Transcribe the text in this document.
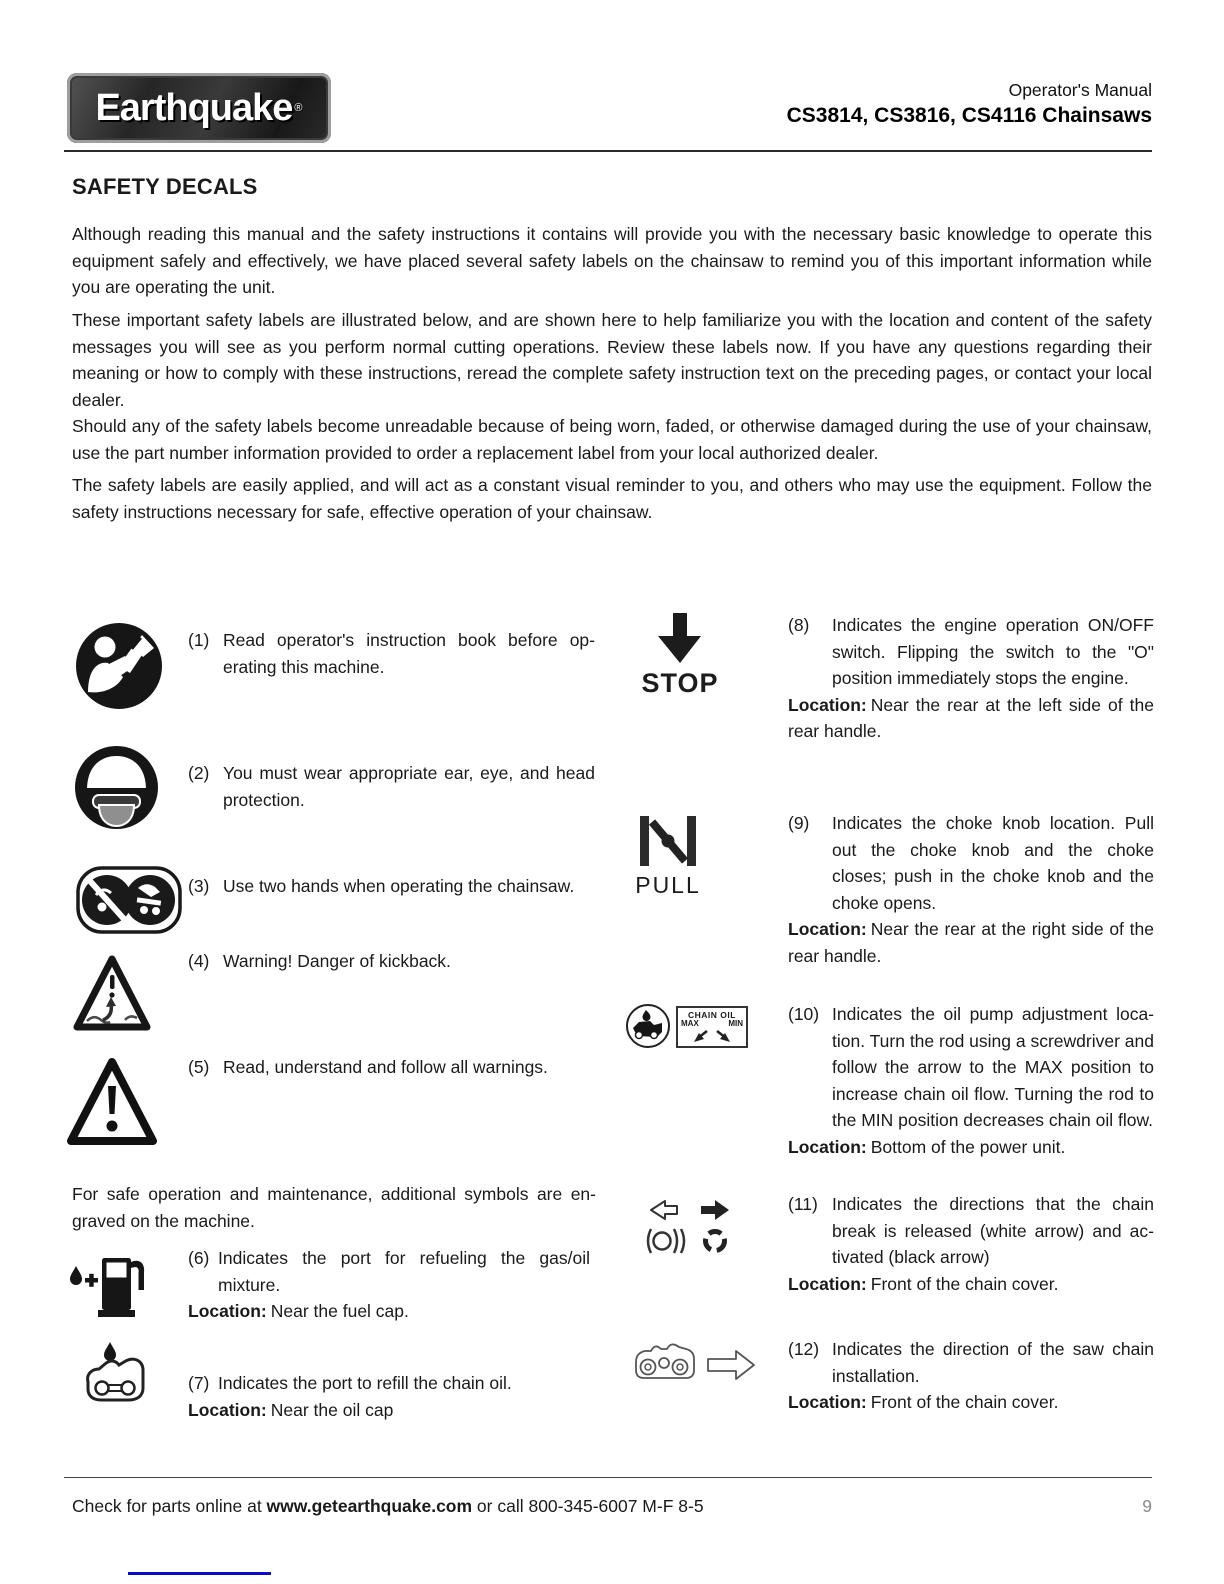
Earthquake ®
Operator's Manual
CS3814, CS3816, CS4116 Chainsaws
SAFETY DECALS

Although reading this manual and the safety instructions it contains will provide you with the necessary basic knowledge to operate this equipment safely and effectively, we have placed several safety labels on the chainsaw to remind you of this important information while you are operating the unit.

These important safety labels are illustrated below, and are shown here to help familiarize you with the location and content of the safety messages you will see as you perform normal cutting operations. Review these labels now. If you have any questions regarding their meaning or how to comply with these instructions, reread the complete safety instruction text on the preceding pages, or contact your local dealer.

Should any of the safety labels become unreadable because of being worn, faded, or otherwise damaged during the use of your chainsaw, use the part number information provided to order a replacement label from your local authorized dealer.

The safety labels are easily applied, and will act as a constant visual reminder to you, and others who may use the equipment. Follow the safety instructions necessary for safe, effective operation of your chainsaw.

STOP
PULL
CHAIN OIL
MAX	MIN

(1) Read operator's instruction book before operating this machine.

(2) You must wear appropriate ear, eye, and head protection.

(3) Use two hands when operating the chainsaw.

(4) Warning! Danger of kickback.

(5) Read, understand and follow all warnings.

For safe operation and maintenance, additional symbols are engraved on the machine.

(6) Indicates the port for refueling the gas/oil mixture.

Location: Near the fuel cap.

(7) Indicates the port to refill the chain oil.

Location: Near the oil cap

(8) Indicates the engine operation ON/OFF switch. Flipping the switch to the "O" position immediately stops the engine.

Location: Near the rear at the left side of the rear handle.

(9) Indicates the choke knob location. Pull out the choke knob and the choke closes; push in the choke knob and the choke opens.

Location: Near the rear at the right side of the rear handle.

(10) Indicates the oil pump adjustment location. Turn the rod using a screwdriver and follow the arrow to the MAX position to increase chain oil flow. Turning the rod to the MIN position decreases chain oil flow.

Location: Bottom of the power unit.

(11) Indicates the directions that the chain break is released (white arrow) and activated (black arrow)

Location: Front of the chain cover.

(12) Indicates the direction of the saw chain installation.

Location: Front of the chain cover.

Check for parts online at www.getearthquake.com or call 800-345-6007 M-F 8-5	9
